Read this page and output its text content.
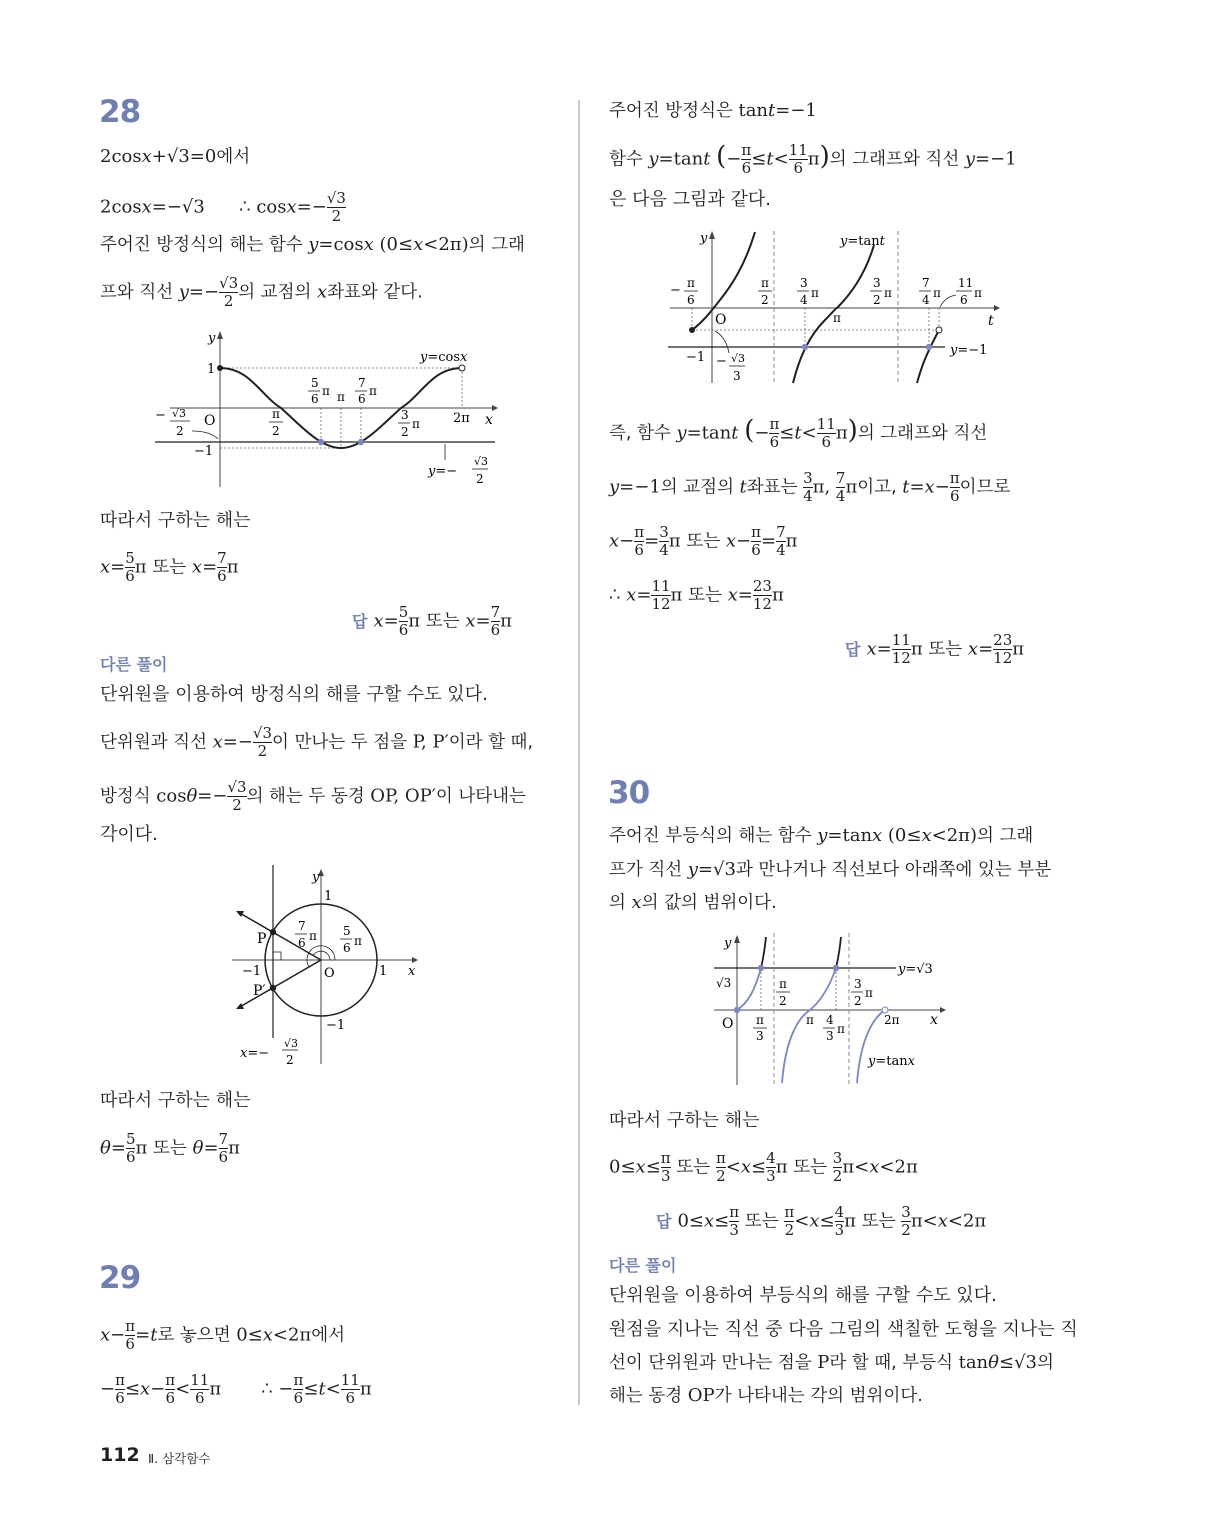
28
2cosx+√3=0에서
2cosx=−√3      ∴ $\cos x=- \frac{√3}{2}$
주어진 방정식의 해는 함수 y=cosx (0≤x<2π)의 그래
프와 직선 $y=- \frac{√3}{2}$ 의 교점의 x좌표와 같다.
y
x
O
1
−1
y=cosx
− √3
2
π
2
5
6
π π
7
6
π
3
2
π	2π
y=−
√3
2
따라서 구하는 해는
$x= \frac{5}{6}$ π 또는 $x= \frac{7}{6}$ π
답 $x= \frac{5}{6}$ π 또는 $x= \frac{7}{6}$ π
다른 풀이
단위원을 이용하여 방정식의 해를 구할 수도 있다.
단위원과 직선 $x=- \frac{√3}{2}$ 이 만나는 두 점을 P, P′이라 할 때,
방정식 $\cos\theta=- \frac{√3}{2}$ 의 해는 두 동경 OP, OP′이 나타내는
각이다.
y
x
O	1
−1
1
−1
P
P′
7
6 π 5
6 π
x=−
√3
2
따라서 구하는 해는
$\theta= \frac{5}{6}$ π 또는 $\theta= \frac{7}{6}$ π
29
$x- \frac{\pi}{6} =t$로 놓으면 0≤x<2π에서
− $\frac{\pi}{6} \le x- \frac{\pi}{6} < \frac{11}{6}$ π       ∴ − $\frac{\pi}{6} \le t< \frac{11}{6}$ π
주어진 방정식은 tant=−1
함수 y=tant (− $\frac{\pi}{6} \le t< \frac{11}{6} \pi$)의 그래프와 직선 y=−1
은 다음 그림과 같다.
y
t
O
−1
y=tant
y=−1
π
− π
6
π
2
3
4 π
3
2 π
7
4 π
11
6 π
− √3
3
즉, 함수 y=tant (− $\frac{\pi}{6} \le t< \frac{11}{6} \pi$)의 그래프와 직선
y=−1의 교점의 t좌표는 $\frac{3}{4} \pi$, $\frac{7}{4}$ π이고, $t=x- \frac{\pi}{6}$ 이므로
$x- \frac{\pi}{6} = \frac{3}{4}$ π 또는 $x- \frac{\pi}{6} = \frac{7}{4}$ π
∴ $x= \frac{11}{12}$ π 또는 $x= \frac{23}{12}$ π
답 $x= \frac{11}{12}$ π 또는 $x= \frac{23}{12}$ π
30
주어진 부등식의 해는 함수 y=tanx (0≤x<2π)의 그래
프가 직선 y=√3과 만나거나 직선보다 아래쪽에 있는 부분
의 x의 값의 범위이다.
y
x
O
√3
y=√3
y=tanx
π
3
π
2
π 4
3 π
3
2
π
2π
따라서 구하는 해는
$0\le x\le \frac{\pi}{3}$ 또는 $\frac{\pi}{2} <x\le \frac{4}{3}$ π 또는 $\frac{3}{2} \pi<x<2\pi$
답 $0\le x\le \frac{\pi}{3}$ 또는 $\frac{\pi}{2} <x\le \frac{4}{3}$ π 또는 $\frac{3}{2} \pi<x<2\pi$
다른 풀이
단위원을 이용하여 부등식의 해를 구할 수도 있다.
원점을 지나는 직선 중 다음 그림의 색칠한 도형을 지나는 직
선이 단위원과 만나는 점을 P라 할 때, 부등식 tanθ≤√3의
해는 동경 OP가 나타내는 각의 범위이다.
112 Ⅱ. 삼각함수
